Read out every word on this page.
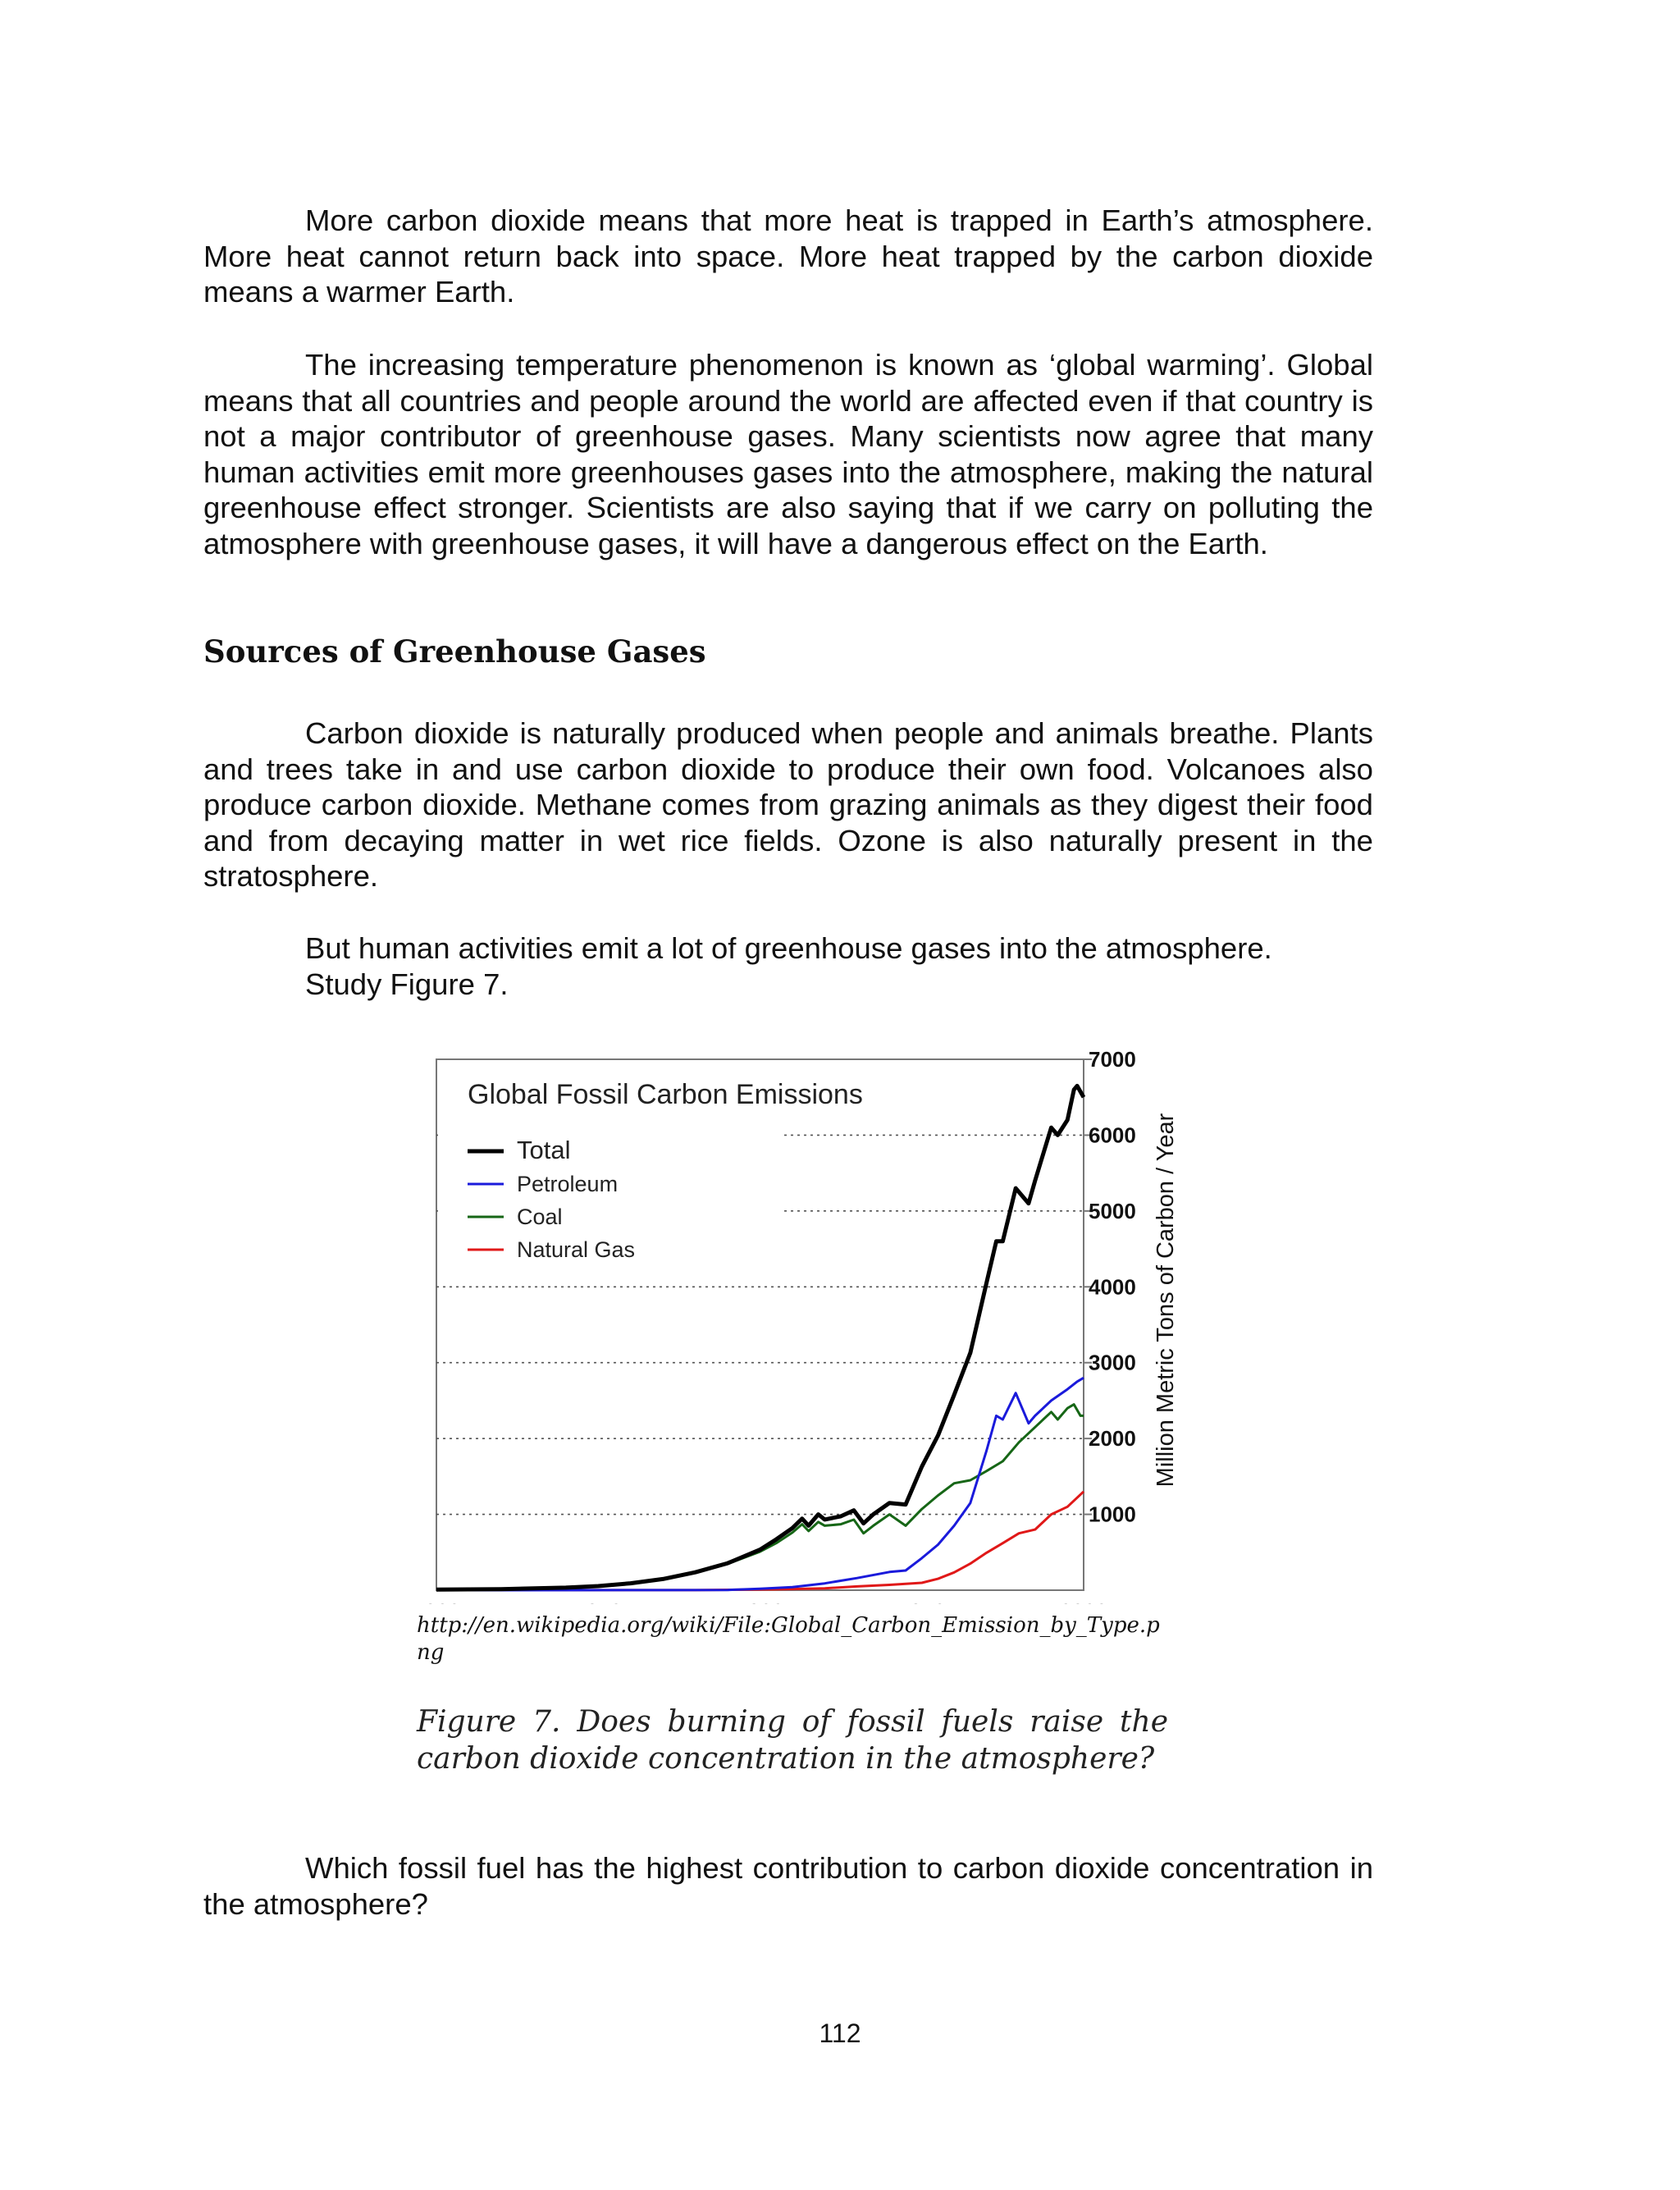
More carbon dioxide means that more heat is trapped in Earth’s atmosphere. More heat cannot return back into space. More heat trapped by the carbon dioxide means a warmer Earth.

The increasing temperature phenomenon is known as ‘global warming’. Global means that all countries and people around the world are affected even if that country is not a major contributor of greenhouse gases. Many scientists now agree that many human activities emit more greenhouses gases into the atmosphere, making the natural greenhouse effect stronger. Scientists are also saying that if we carry on polluting the atmosphere with greenhouse gases, it will have a dangerous effect on the Earth.

Sources of Greenhouse Gases

Carbon dioxide is naturally produced when people and animals breathe. Plants and trees take in and use carbon dioxide to produce their own food. Volcanoes also produce carbon dioxide. Methane comes from grazing animals as they digest their food and from decaying matter in wet rice fields. Ozone is also naturally present in the stratosphere.

But human activities emit a lot of greenhouse gases into the atmosphere.
Study Figure 7.
Global Fossil Carbon Emissions
Total
Petroleum
Coal
Natural Gas
1000
2000
3000
4000
5000
6000
7000
Million Metric Tons of Carbon / Year

http://en.wikipedia.org/wiki/File:Global_Carbon_Emission_by_Type.png

Figure 7. Does burning of fossil fuels raise the carbon dioxide concentration in the atmosphere?

Which fossil fuel has the highest contribution to carbon dioxide concentration in the atmosphere?

112
